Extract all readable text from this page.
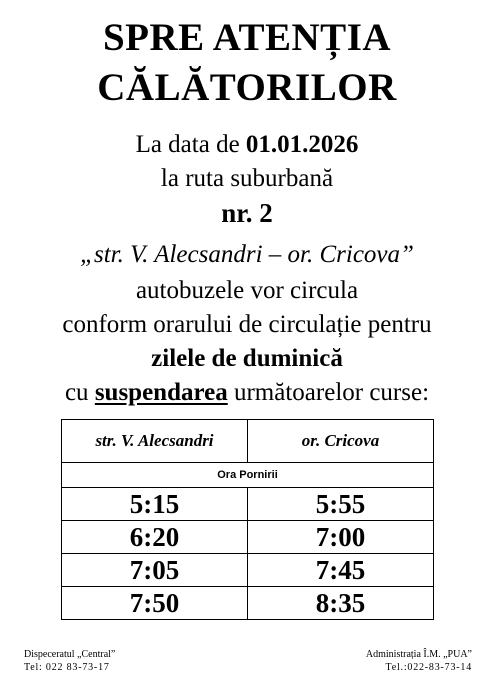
SPRE ATENȚIA
CĂLĂTORILOR
La data de 01.01.2026
la ruta suburbană
nr. 2
„str. V. Alecsandri – or. Cricova”
autobuzele vor circula
conform orarului de circulație pentru
zilele de duminică
cu suspendarea următoarelor curse:
str. V. Alecsandri	or. Cricova
Ora Pornirii	
5:15	5:55
6:20	7:00
7:05	7:45
7:50	8:35
Dispeceratul „Central”
Tel: 022 83-73-17
Administrația Î.M. „PUA”
Tel.:022-83-73-14
